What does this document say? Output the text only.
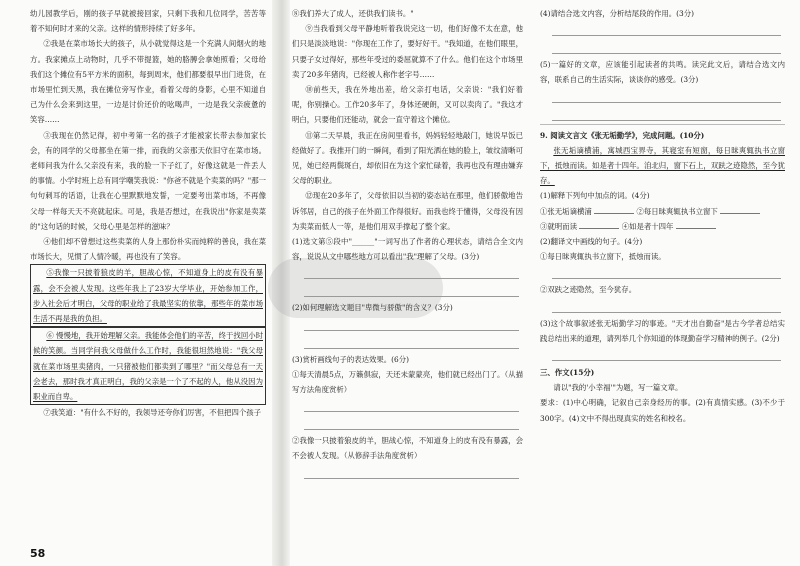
幼儿园教学后，刚的孩子早就被接回家，只剩下我和几位同学，苦苦等着不知何时才来的父亲。这样的情形持续了好多年。

②我是在菜市场长大的孩子，从小就觉得这是一个充满人间烟火的地方。我家摊点上动物时，几乎不带提篮，她的胳膊会拿她照看；父母给我们这个摊位有5平方米的面积，每到周末，他们都要很早出门进货，在市场里忙到天黑，我在摊位旁写作业，看着父母的身影，心里不知道自己为什么会来到这里，一边是讨价还价的吆喝声，一边是我父亲疲惫的笑容……

③我现在仍然记得，初中考第一名的孩子才能被家长带去参加家长会，有的同学的父母都坐在第一排，而我的父亲那天依旧守在菜市场。老师问我为什么父亲没有来，我的脸一下子红了，好像这就是一件丢人的事情。小学时班上总有同学嘲笑我说："你爸不就是个卖菜的吗？"那一句句刺耳的话语，让我在心里默默地发誓，一定要考出菜市场，不再像父母一样每天天不亮就起床。可是，我是否想过，在我说出"你家是卖菜的"这句话的时候，父母心里是怎样的滋味？

④他们却不曾想过这些卖菜的人身上那份朴实而纯粹的善良，我在菜市场长大，见惯了人情冷暖，再也没有了笑容。

⑤我像一只披着狼皮的羊，胆战心惊，不知道身上的皮有没有暴露，会不会被人发现。这些年我上了23岁大学毕业，开始参加工作，步入社会后才明白，父母的职业给了我最坚实的依靠，那些年的菜市场生活不再是我的负担。

⑥ 慢慢地，我开始理解父亲。我能体会他们的辛苦，终于找回小时候的笑颜。当同学问我父母做什么工作时，我能很坦然地说："我父母就在菜市场里卖猪肉，一只猪被他们都卖到了哪里？"而父母总有一天会老去，那时我才真正明白，我的父亲是一个了不起的人，他从没因为职业而自卑。

⑦我笑道："有什么不好的，我领导还夸你们厉害，不但把四个孩子

⑧我们养大了成人，还供我们读书。"

⑨当我看到父母平静地听着我说完这一切，他们好像不太在意，他们只是淡淡地说："你现在工作了，要好好干。"我知道，在他们眼里，只要子女过得好，那些年受过的委屈就算不了什么。他们在这个市场里卖了20多年猪肉，已经被人称作老字号……

⑩前些天，我在外地出差，给父亲打电话，父亲说："我们好着呢，你别操心。工作20多年了，身体还硬朗，又可以卖肉了。"我这才明白，只要他们还能动，就会一直守着这个摊位。

⑪第二天早晨，我正在房间里看书，妈妈轻轻地敲门，她说早饭已经做好了。我推开门的一瞬间，看到了阳光洒在她的脸上，皱纹清晰可见，她已经两鬓斑白，却依旧在为这个家忙碌着，我再也没有理由嫌弃父母的职业。

⑫现在20多年了，父母依旧以当初的姿态站在那里，他们骄傲地告诉邻居，自己的孩子在外面工作得很好。而我也终于懂得，父母没有因为卖菜而低人一等，是他们用双手撑起了整个家。

(1)选文第⑤段中"______"一词写出了作者的心理状态，请结合全文内容，说说从文中哪些地方可以看出"我"理解了父母。(3分)

(2)如何理解选文题目"卑微与骄傲"的含义？(3分)

(3)赏析画线句子的表达效果。(6分)

①每天清晨5点，万籁俱寂，天还未蒙蒙亮，他们就已经出门了。（从描写方法角度赏析）

②我像一只披着狼皮的羊，胆战心惊，不知道身上的皮有没有暴露，会不会被人发现。（从修辞手法角度赏析）

(4)请结合选文内容，分析结尾段的作用。(3分)

(5)一篇好的文章，应该能引起读者的共鸣。读完此文后，请结合选文内容，联系自己的生活实际，谈谈你的感受。(3分)

9. 阅读文言文《张无垢勤学》，完成问题。(10分)

张无垢谪横浦，寓城西宝界寺，其寝室有短窗，每日昧爽辄执书立窗下，抵烛而读。如是者十四年。洎北归，窗下石上，双趺之迹隐然，至今犹存。

(1)解释下列句中加点的词。(4分)

①张无垢谪横浦	②每日昧爽辄执书立窗下

③就明而读	④如是者十四年

(2)翻译文中画线的句子。(4分)

①每日昧爽辄执书立窗下，抵烛而读。

②双趺之迹隐然，至今犹存。

(3)这个故事叙述张无垢勤学习的事迹。"天才出自勤奋"是古今学者总结实践总结出来的道理，请列举几个你知道的体现勤奋学习精神的例子。(2分)

三、作文(15分)

请以"我的'小幸福'"为题，写一篇文章。

要求：(1)中心明确，记叙自己亲身经历的事。(2)有真情实感。(3)不少于300字。(4)文中不得出现真实的姓名和校名。

58
